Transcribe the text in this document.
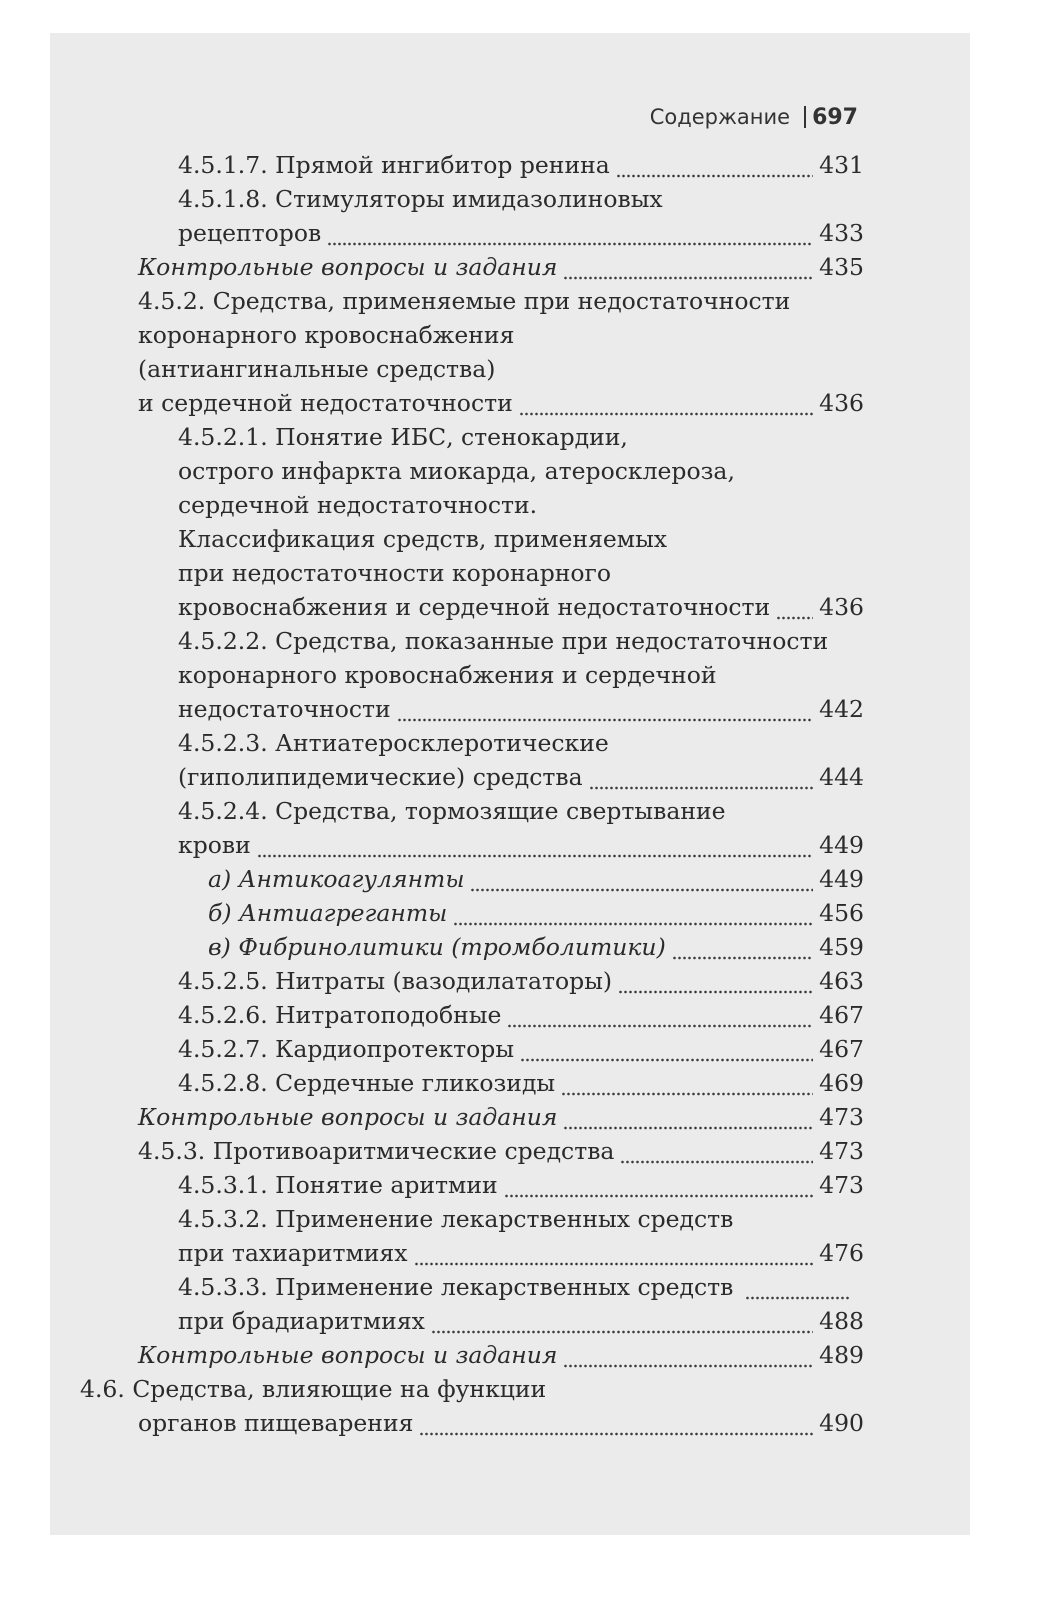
Содержание 697
4.5.1.7. Прямой ингибитор ренина	431
4.5.1.8. Стимуляторы имидазолиновых
рецепторов	433
Контрольные вопросы и задания	435
4.5.2. Средства, применяемые при недостаточности
коронарного кровоснабжения
(антиангинальные средства)
и сердечной недостаточности	436
4.5.2.1. Понятие ИБС, стенокардии,
острого инфаркта миокарда, атеросклероза,
сердечной недостаточности.
Классификация средств, применяемых
при недостаточности коронарного
кровоснабжения и сердечной недостаточности 436
4.5.2.2. Средства, показанные при недостаточности
коронарного кровоснабжения и сердечной
недостаточности	442
4.5.2.3. Антиатеросклеротические
(гиполипидемические) средства	444
4.5.2.4. Средства, тормозящие свертывание
крови	449
а) Антикоагулянты	449
б) Антиагреганты	456
в) Фибринолитики (тромболитики)	459
4.5.2.5. Нитраты (вазодилататоры)	463
4.5.2.6. Нитратоподобные	467
4.5.2.7. Кардиопротекторы	467
4.5.2.8. Сердечные гликозиды	469
Контрольные вопросы и задания	473
4.5.3. Противоаритмические средства	473
4.5.3.1. Понятие аритмии	473
4.5.3.2. Применение лекарственных средств
при тахиаритмиях	476
4.5.3.3. Применение лекарственных средств
при брадиаритмиях	488
Контрольные вопросы и задания	489
4.6. Средства, влияющие на функции
органов пищеварения	490
